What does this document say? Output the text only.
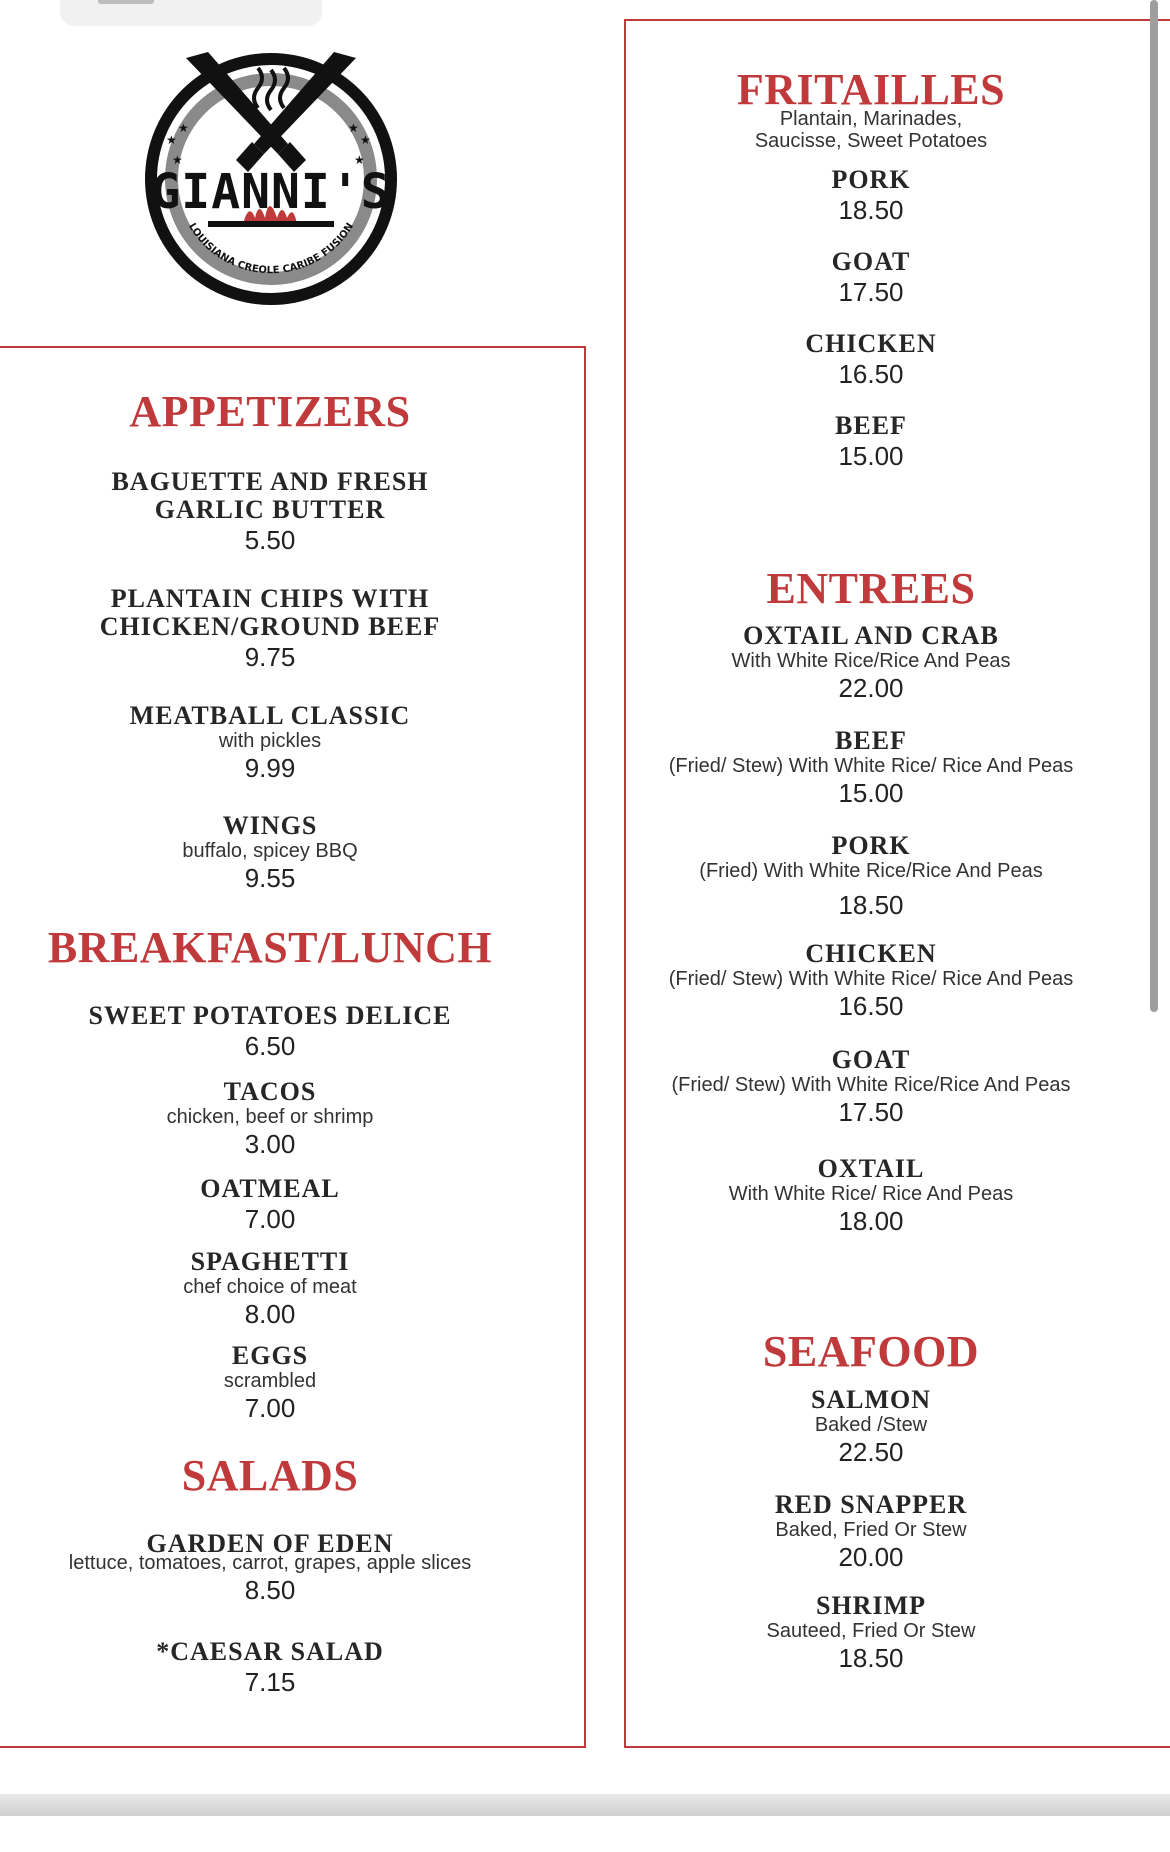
★
★
★
★
★
★
GIANNI'S
LOUISIANA CREOLE CARIBE FUSION
APPETIZERS
BAGUETTE AND FRESH
GARLIC BUTTER
5.50
PLANTAIN CHIPS WITH
CHICKEN/GROUND BEEF
9.75
MEATBALL CLASSIC
with pickles
9.99
WINGS
buffalo, spicey BBQ
9.55
BREAKFAST/LUNCH
SWEET POTATOES DELICE
6.50
TACOS
chicken, beef or shrimp
3.00
OATMEAL
7.00
SPAGHETTI
chef choice of meat
8.00
EGGS
scrambled
7.00
SALADS
GARDEN OF EDEN
lettuce, tomatoes, carrot, grapes, apple slices
8.50
*CAESAR SALAD
7.15
FRITAILLES
Plantain, Marinades,
Saucisse, Sweet Potatoes
PORK
18.50
GOAT
17.50
CHICKEN
16.50
BEEF
15.00
ENTREES
OXTAIL AND CRAB
With White Rice/Rice And Peas
22.00
BEEF
(Fried/ Stew) With White Rice/ Rice And Peas
15.00
PORK
(Fried) With White Rice/Rice And Peas
18.50
CHICKEN
(Fried/ Stew) With White Rice/ Rice And Peas
16.50
GOAT
(Fried/ Stew) With White Rice/Rice And Peas
17.50
OXTAIL
With White Rice/ Rice And Peas
18.00
SEAFOOD
SALMON
Baked /Stew
22.50
RED SNAPPER
Baked, Fried Or Stew
20.00
SHRIMP
Sauteed, Fried Or Stew
18.50
